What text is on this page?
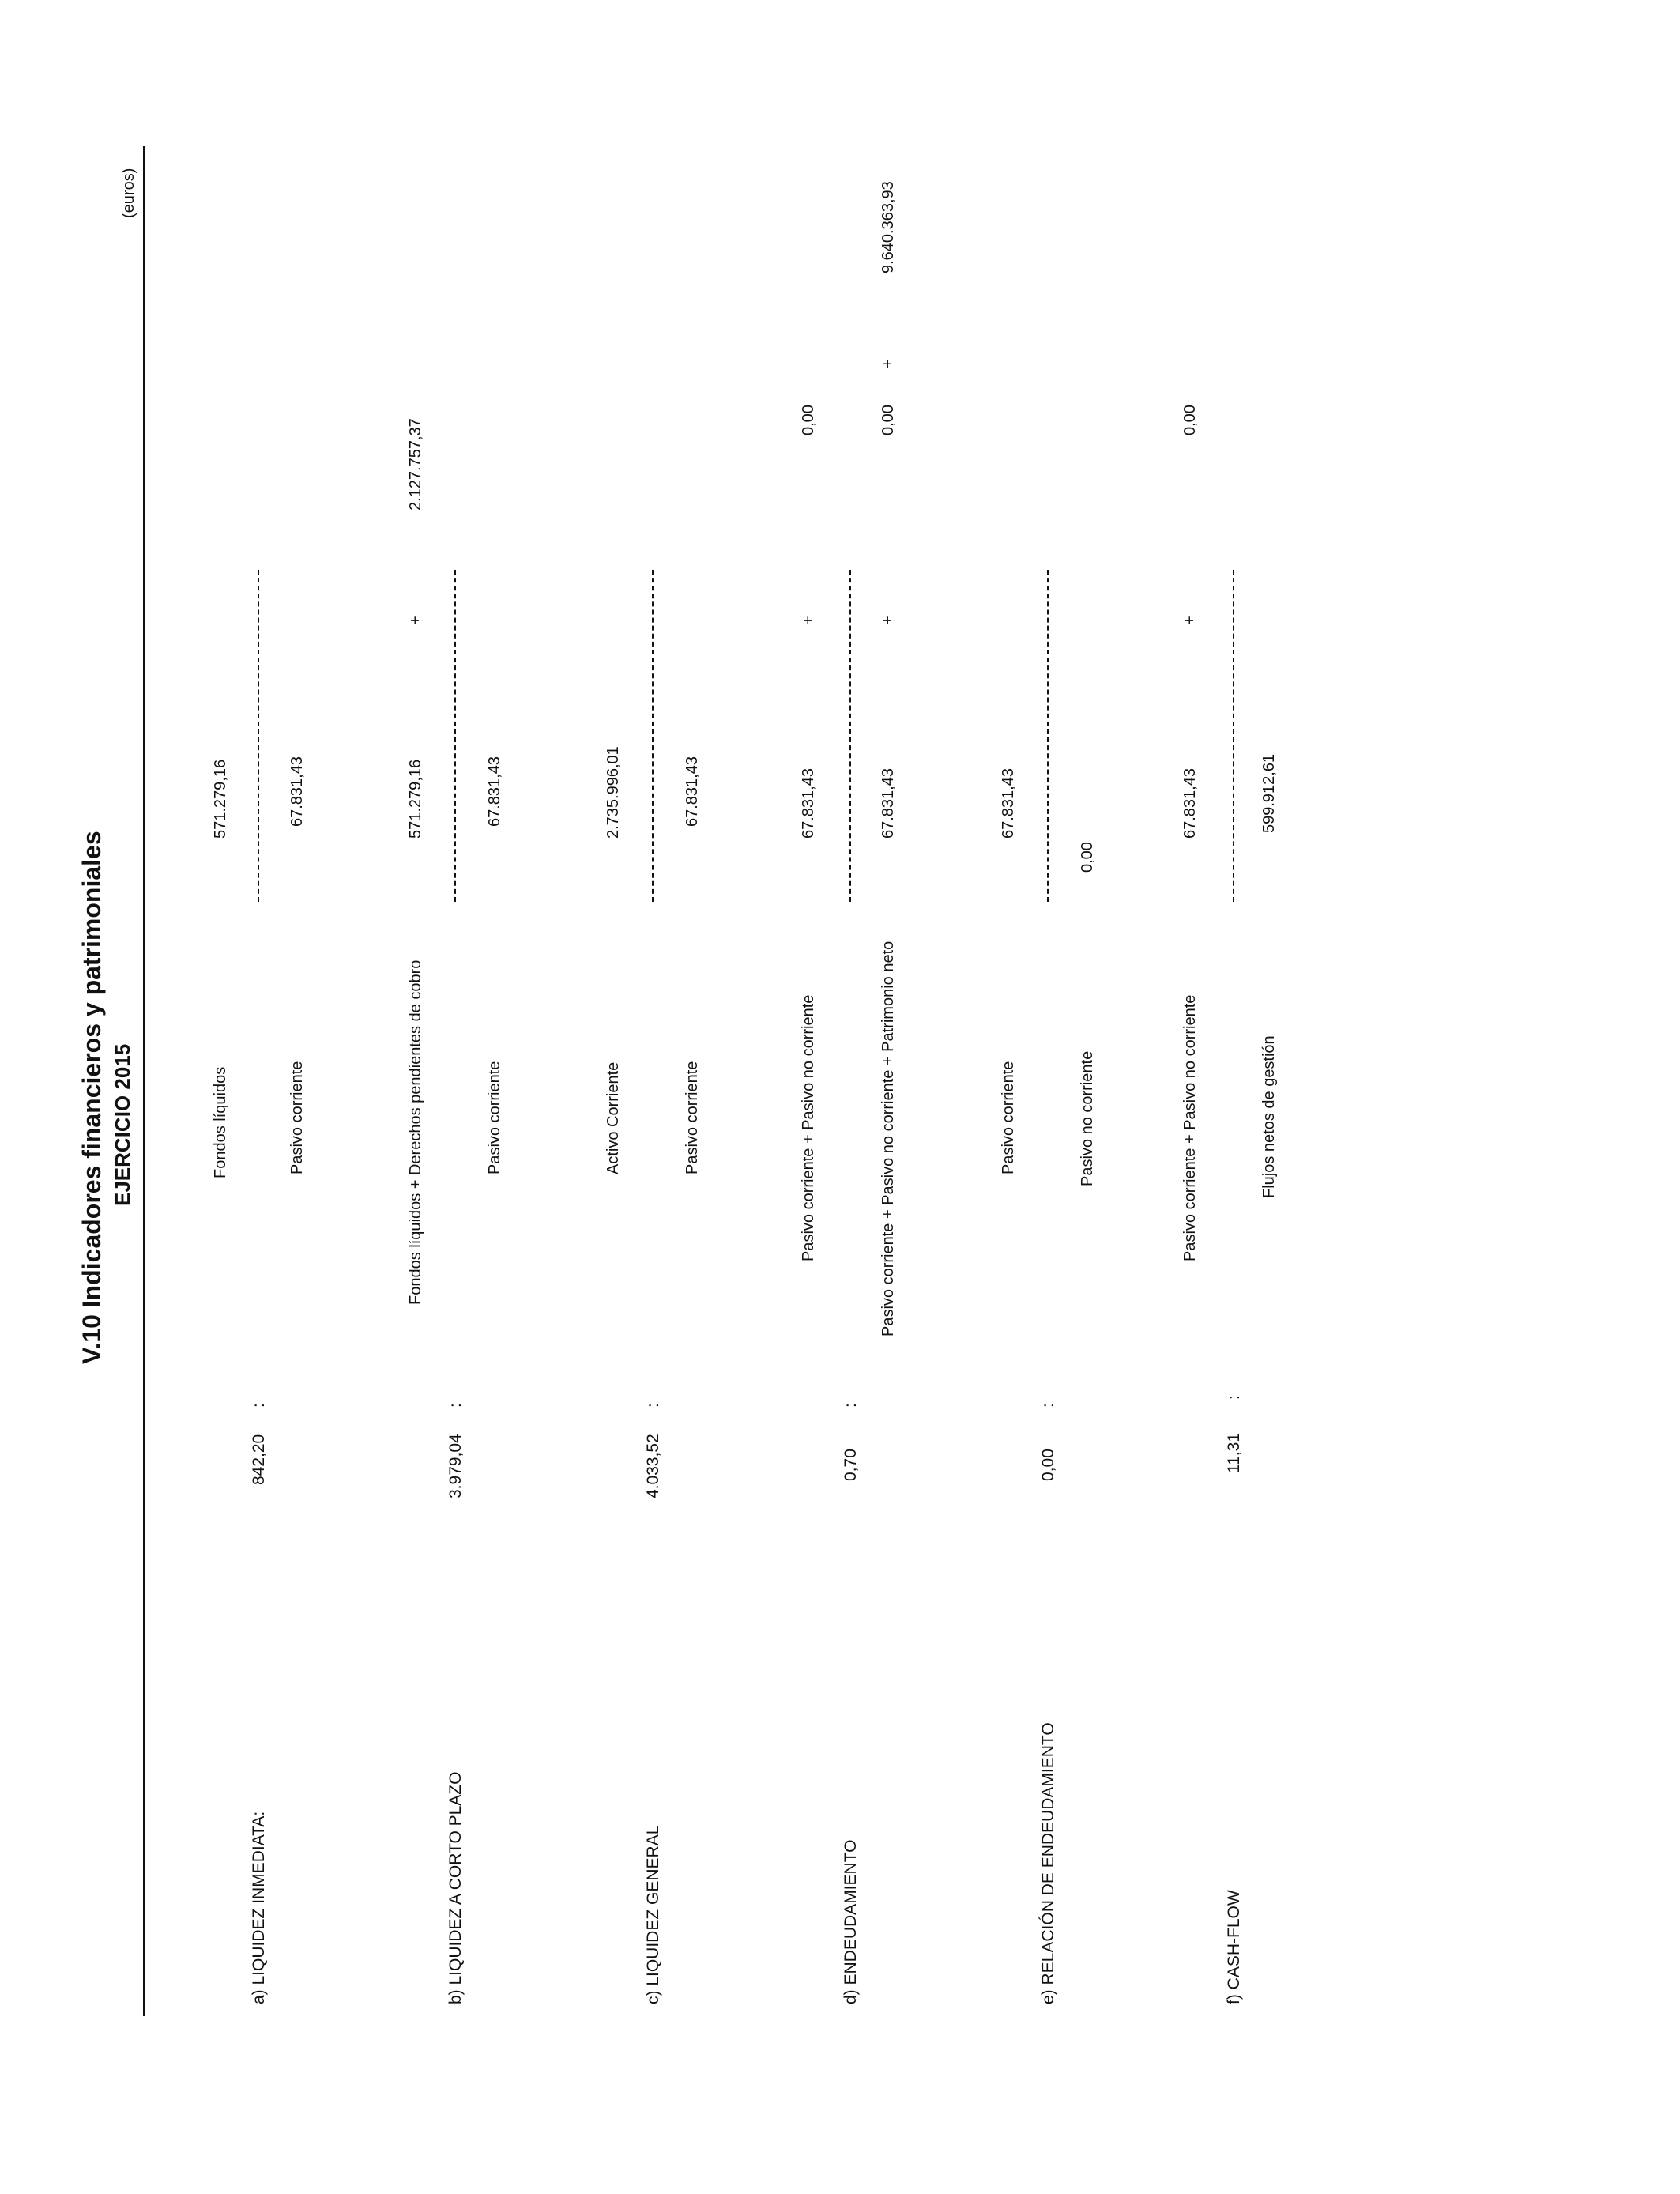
V.10 Indicadores financieros y patrimoniales EJERCICIO 2015
(euros)
a) LIQUIDEZ INMEDIATA:
842,20
:
Fondos líquidos
571.279,16
Pasivo corriente
67.831,43
b) LIQUIDEZ A CORTO PLAZO
3.979,04
:
Fondos líquidos + Derechos pendientes de cobro
571.279,16
+
2.127.757,37
Pasivo corriente
67.831,43
c) LIQUIDEZ GENERAL
4.033,52
:
Activo Corriente
2.735.996,01
Pasivo corriente
67.831,43
d) ENDEUDAMIENTO
0,70
:
Pasivo corriente + Pasivo no corriente
67.831,43
+
0,00
Pasivo corriente + Pasivo no corriente + Patrimonio neto
67.831,43
+
0,00
+
9.640.363,93
e) RELACIÓN DE ENDEUDAMIENTO
0,00
:
Pasivo corriente
67.831,43
Pasivo no corriente
0,00
f) CASH-FLOW
11,31
:
Pasivo corriente + Pasivo no corriente
67.831,43
+
0,00
Flujos netos de gestión
599.912,61
